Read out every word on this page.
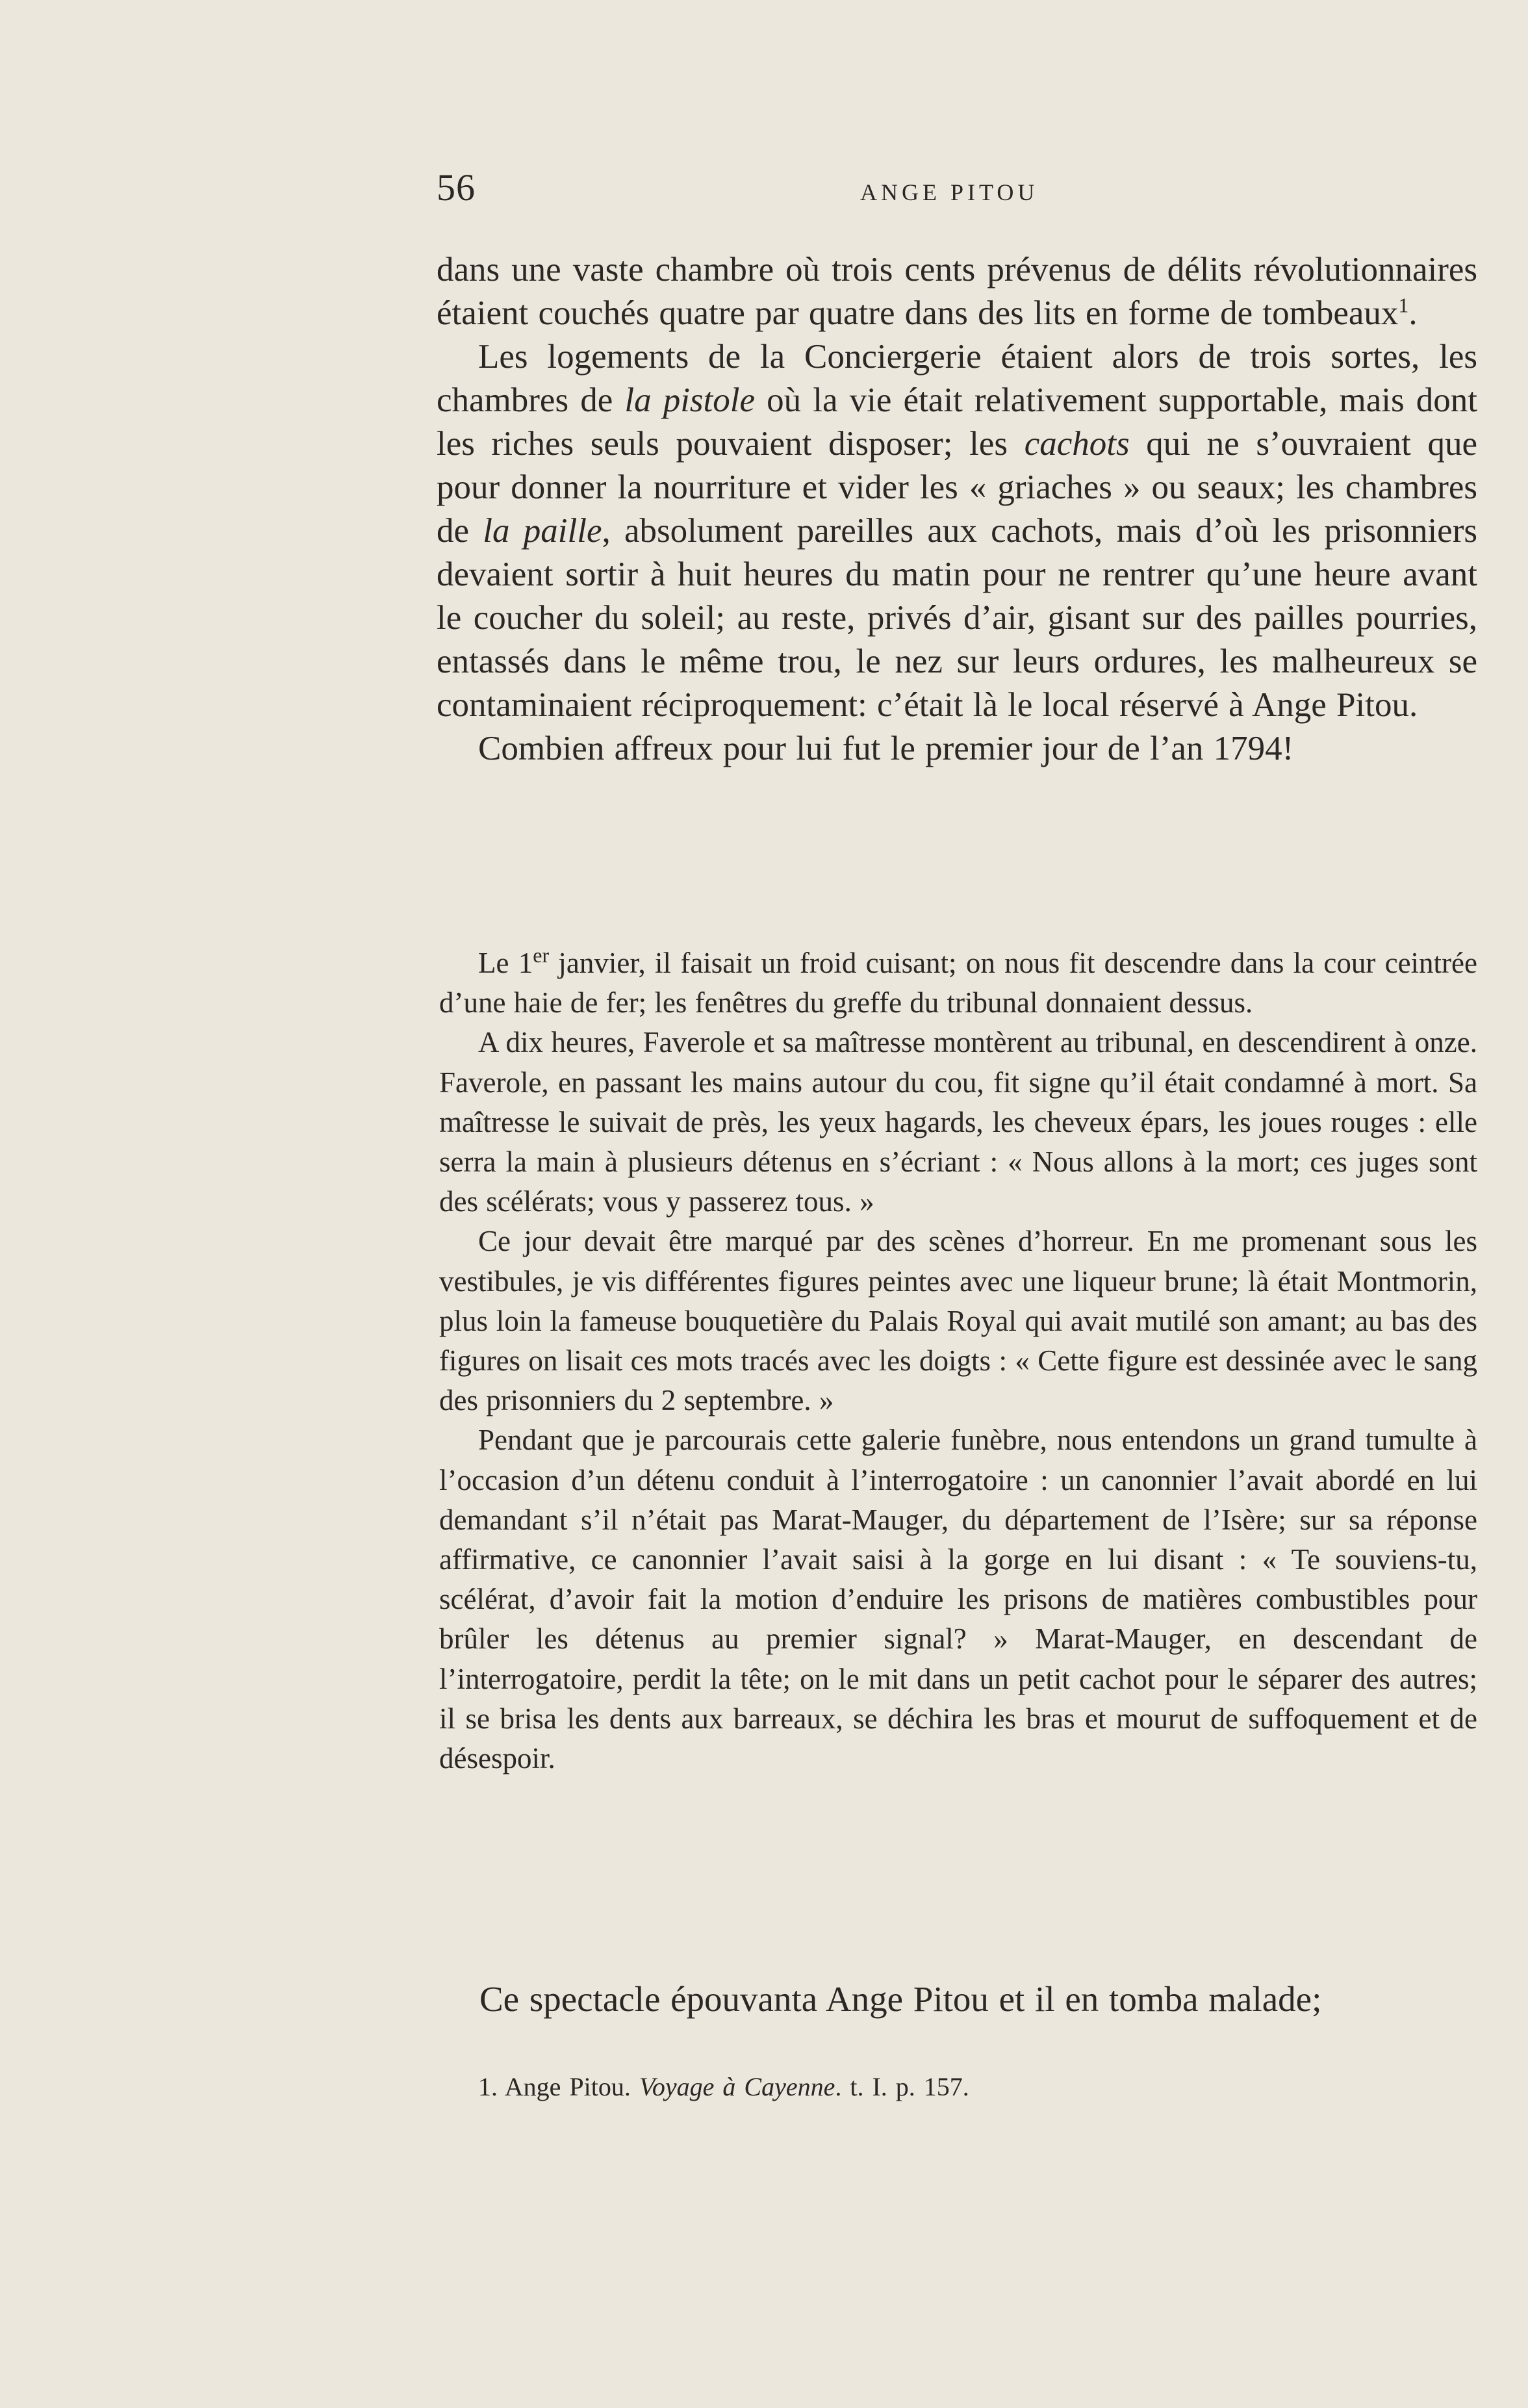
56	ANGE PITOU

dans une vaste chambre où trois cents prévenus de délits révolutionnaires étaient couchés quatre par quatre dans des lits en forme de tombeaux$^1$.

Les logements de la Conciergerie étaient alors de trois sortes, les chambres de la pistole où la vie était relativement supportable, mais dont les riches seuls pouvaient disposer; les cachots qui ne s’ouvraient que pour donner la nourriture et vider les « griaches » ou seaux; les chambres de la paille, absolument pareilles aux cachots, mais d’où les prisonniers devaient sortir à huit heures du matin pour ne rentrer qu’une heure avant le coucher du soleil; au reste, privés d’air, gisant sur des pailles pourries, entassés dans le même trou, le nez sur leurs ordures, les malheureux se contaminaient réciproquement: c’était là le local réservé à Ange Pitou.

Combien affreux pour lui fut le premier jour de l’an 1794!

Le 1er janvier, il faisait un froid cuisant; on nous fit descendre dans la cour ceintrée d’une haie de fer; les fenêtres du greffe du tribunal donnaient dessus.

A dix heures, Faverole et sa maîtresse montèrent au tribunal, en descendirent à onze. Faverole, en passant les mains autour du cou, fit signe qu’il était condamné à mort. Sa maîtresse le suivait de près, les yeux hagards, les cheveux épars, les joues rouges : elle serra la main à plusieurs détenus en s’écriant : « Nous allons à la mort; ces juges sont des scélérats; vous y passerez tous. »

Ce jour devait être marqué par des scènes d’horreur. En me promenant sous les vestibules, je vis différentes figures peintes avec une liqueur brune; là était Montmorin, plus loin la fameuse bouquetière du Palais Royal qui avait mutilé son amant; au bas des figures on lisait ces mots tracés avec les doigts : « Cette figure est dessinée avec le sang des prisonniers du 2 septembre. »

Pendant que je parcourais cette galerie funèbre, nous entendons un grand tumulte à l’occasion d’un détenu conduit à l’interrogatoire : un canonnier l’avait abordé en lui demandant s’il n’était pas Marat-Mauger, du département de l’Isère; sur sa réponse affirmative, ce canonnier l’avait saisi à la gorge en lui disant : « Te souviens-tu, scélérat, d’avoir fait la motion d’enduire les prisons de matières combustibles pour brûler les détenus au premier signal? » Marat-Mauger, en descendant de l’interrogatoire, perdit la tête; on le mit dans un petit cachot pour le séparer des autres; il se brisa les dents aux barreaux, se déchira les bras et mourut de suffoquement et de désespoir.

Ce spectacle épouvanta Ange Pitou et il en tomba malade;

1. Ange Pitou. Voyage à Cayenne. t. I. p. 157.
